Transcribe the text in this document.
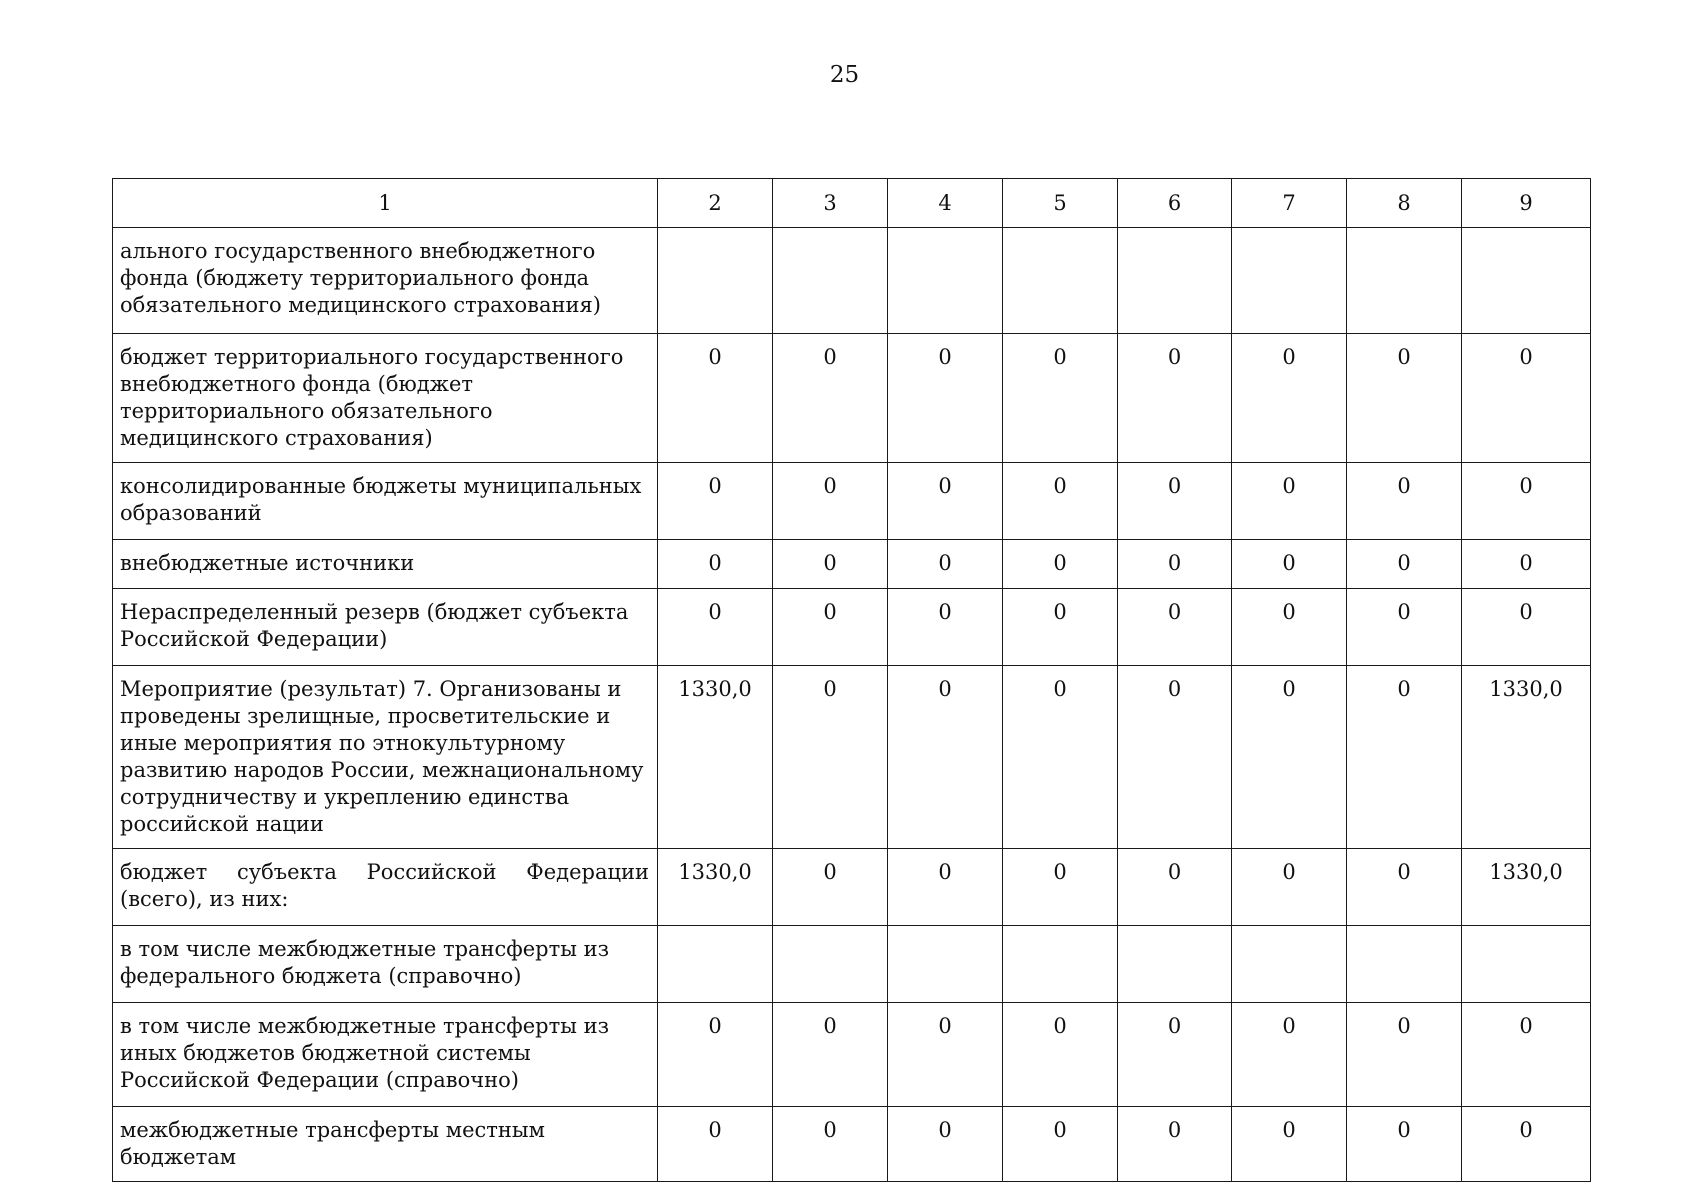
25
1	2	3	4	5	6	7	8	9
ального государственного внебюджетного фонда (бюджету территориального фонда обязательного медицинского страхования)								
бюджет территориального государственного внебюджетного фонда (бюджет территориального обязательного медицинского страхования)	0	0	0	0	0	0	0	0
консолидированные бюджеты муниципальных образований	0	0	0	0	0	0	0	0
внебюджетные источники	0	0	0	0	0	0	0	0
Нераспределенный резерв (бюджет субъекта Российской Федерации)	0	0	0	0	0	0	0	0
Мероприятие (результат) 7. Организованы и проведены зрелищные, просветительские и иные мероприятия по этнокультурному развитию народов России, межнациональному сотрудничеству и укреплению единства российской нации	1330,0	0	0	0	0	0	0	1330,0
бюджет субъекта Российской Федерации (всего), из них:	1330,0	0	0	0	0	0	0	1330,0
в том числе межбюджетные трансферты из федерального бюджета (справочно)								
в том числе межбюджетные трансферты из иных бюджетов бюджетной системы Российской Федерации (справочно)	0	0	0	0	0	0	0	0
межбюджетные трансферты местным бюджетам	0	0	0	0	0	0	0	0
